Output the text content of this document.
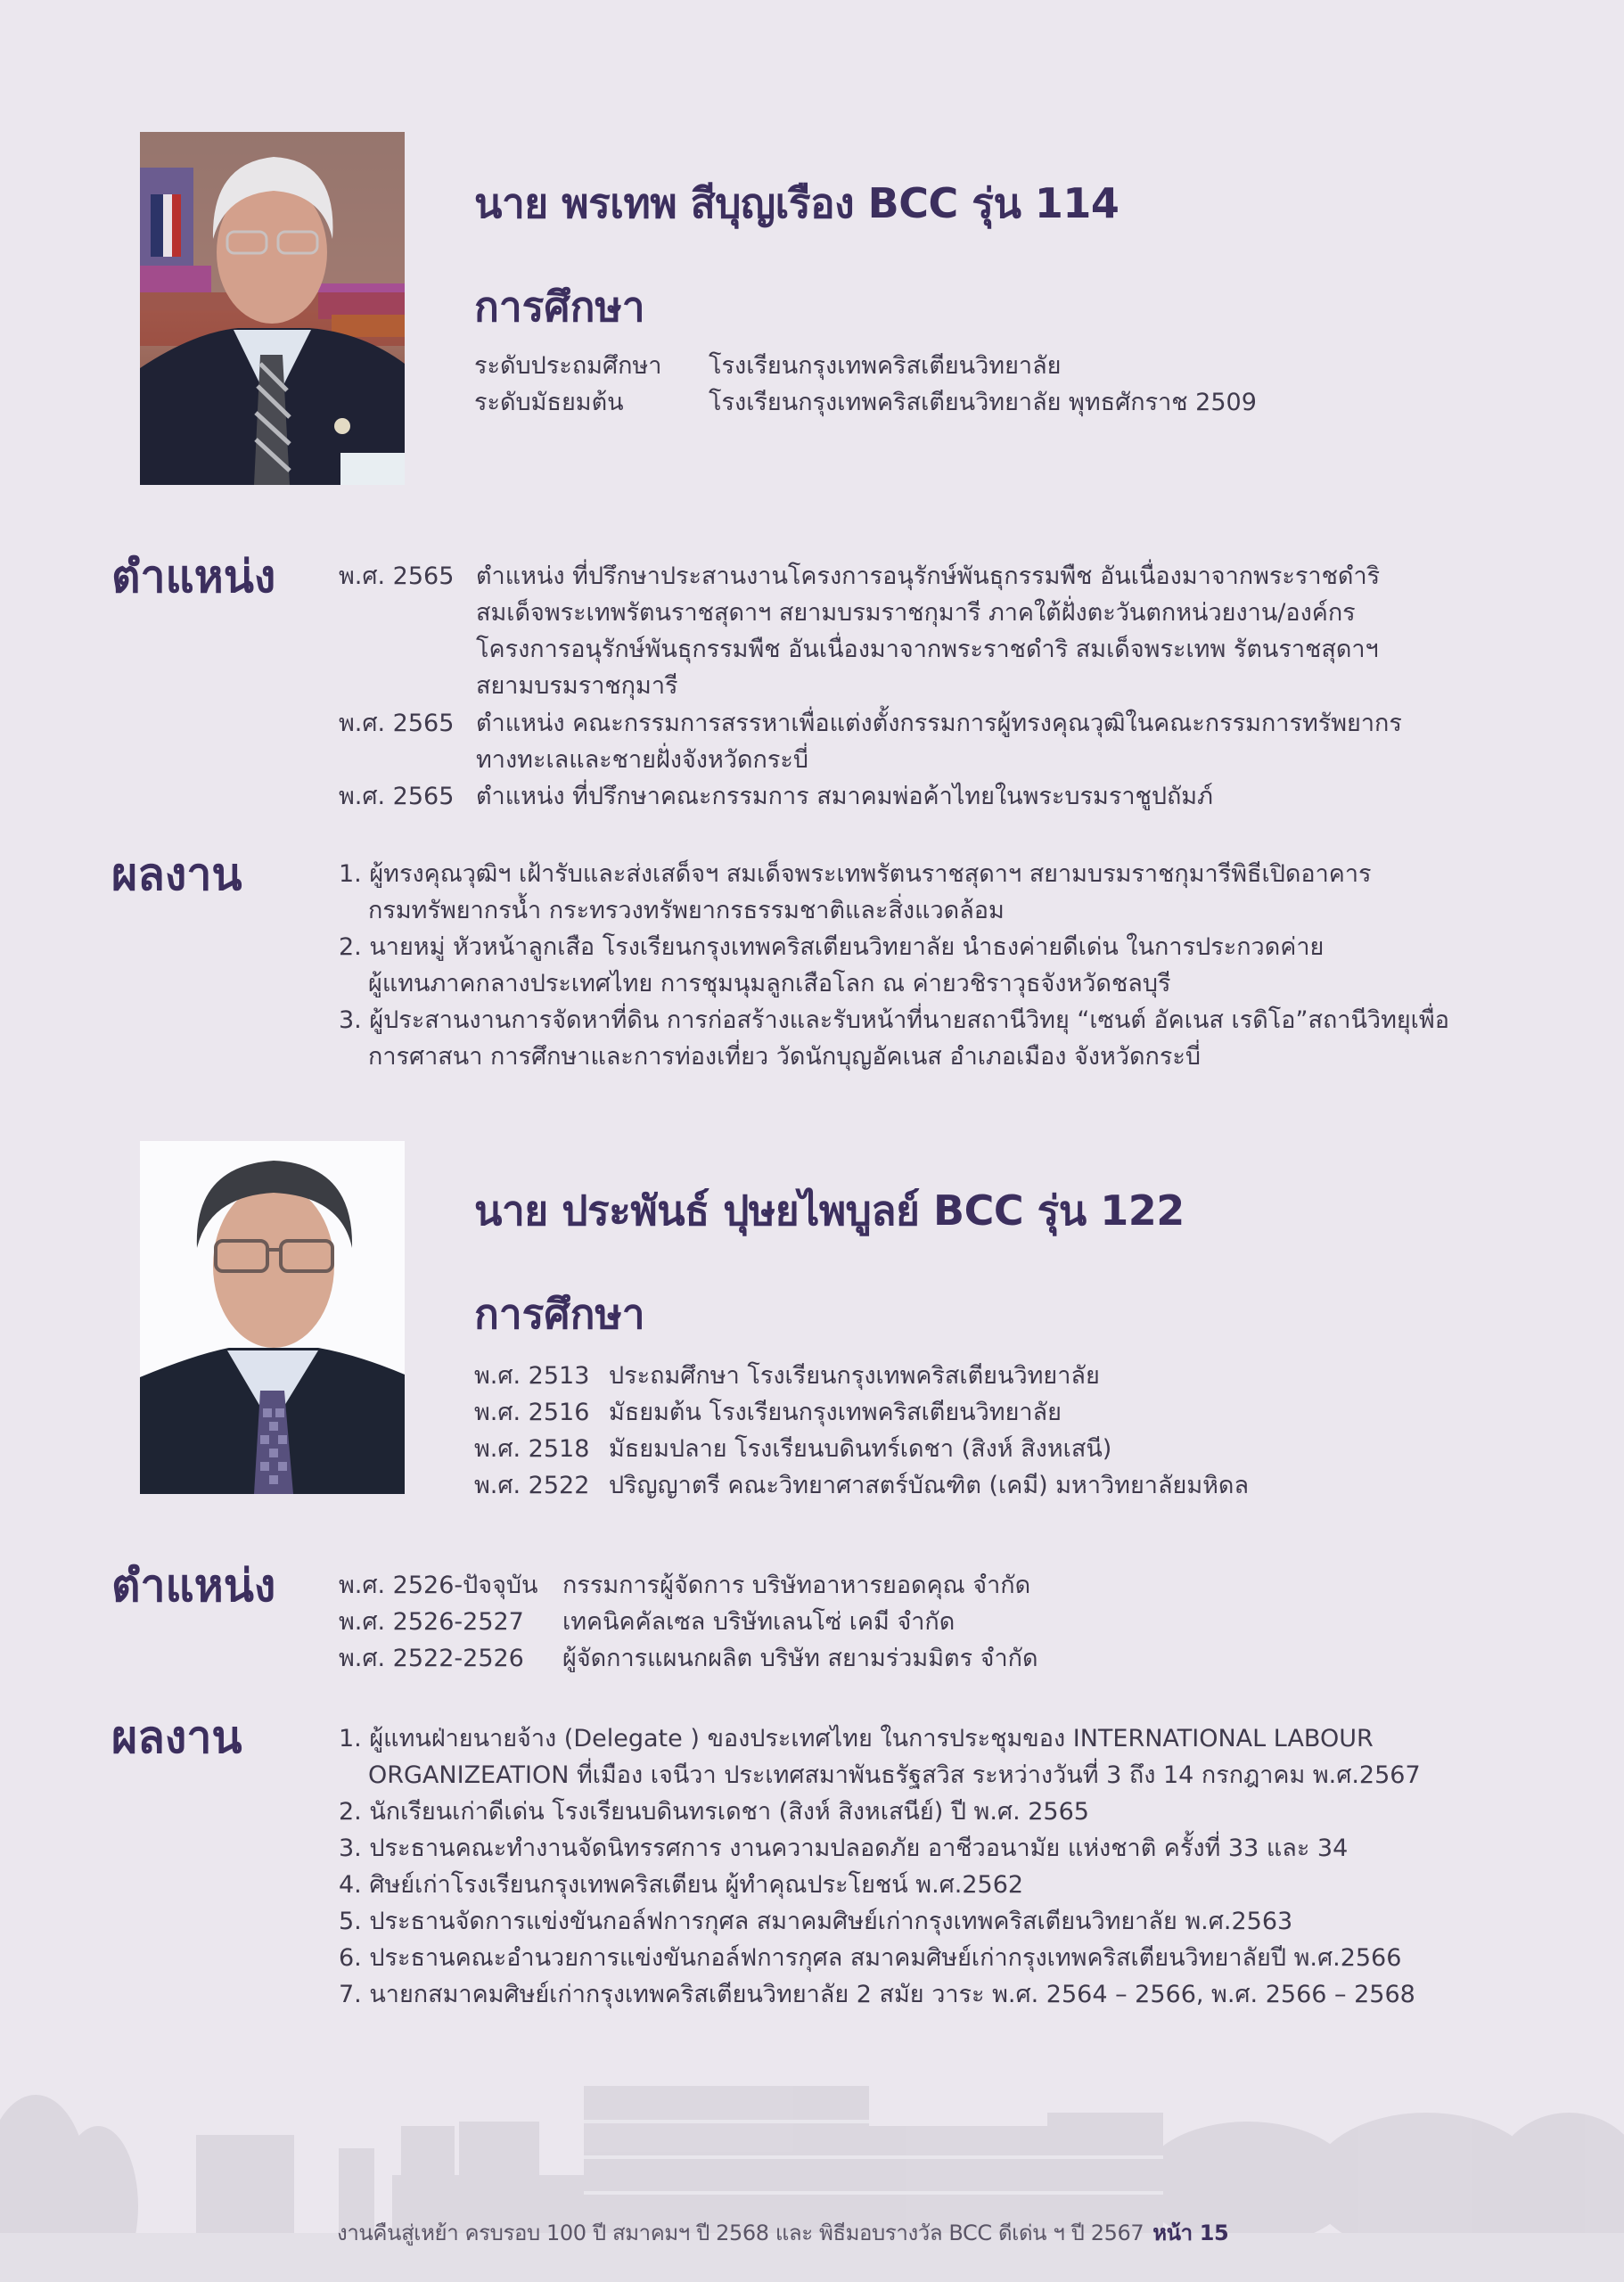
นาย พรเทพ สีบุญเรือง BCC รุ่น 114
การศึกษา
ระดับประถมศึกษา โรงเรียนกรุงเทพคริสเตียนวิทยาลัย
ระดับมัธยมต้น	โรงเรียนกรุงเทพคริสเตียนวิทยาลัย พุทธศักราช 2509
ตำแหน่ง	พ.ศ. 2565 ตำแหน่ง ที่ปรึกษาประสานงานโครงการอนุรักษ์พันธุกรรมพืช อันเนื่องมาจากพระราชดำริ
สมเด็จพระเทพรัตนราชสุดาฯ สยามบรมราชกุมารี ภาคใต้ฝั่งตะวันตกหน่วยงาน/องค์กร
โครงการอนุรักษ์พันธุกรรมพืช อันเนื่องมาจากพระราชดำริ สมเด็จพระเทพ รัตนราชสุดาฯ
สยามบรมราชกุมารี
พ.ศ. 2565 ตำแหน่ง คณะกรรมการสรรหาเพื่อแต่งตั้งกรรมการผู้ทรงคุณวุฒิในคณะกรรมการทรัพยากร
ทางทะเลและชายฝั่งจังหวัดกระบี่
พ.ศ. 2565 ตำแหน่ง ที่ปรึกษาคณะกรรมการ สมาคมพ่อค้าไทยในพระบรมราชูปถัมภ์
ผลงาน	1. ผู้ทรงคุณวุฒิฯ เฝ้ารับและส่งเสด็จฯ สมเด็จพระเทพรัตนราชสุดาฯ สยามบรมราชกุมารีพิธีเปิดอาคาร
กรมทรัพยากรน้ำ กระทรวงทรัพยากรธรรมชาติและสิ่งแวดล้อม
2. นายหมู่ หัวหน้าลูกเสือ โรงเรียนกรุงเทพคริสเตียนวิทยาลัย นำธงค่ายดีเด่น ในการประกวดค่าย
ผู้แทนภาคกลางประเทศไทย การชุมนุมลูกเสือโลก ณ ค่ายวชิราวุธจังหวัดชลบุรี
3. ผู้ประสานงานการจัดหาที่ดิน การก่อสร้างและรับหน้าที่นายสถานีวิทยุ “เซนต์ อัคเนส เรดิโอ”สถานีวิทยุเพื่อ
การศาสนา การศึกษาและการท่องเที่ยว วัดนักบุญอัคเนส อำเภอเมือง จังหวัดกระบี่
นาย ประพันธ์ ปุษยไพบูลย์ BCC รุ่น 122
การศึกษา
พ.ศ. 2513 ประถมศึกษา โรงเรียนกรุงเทพคริสเตียนวิทยาลัย
พ.ศ. 2516 มัธยมต้น โรงเรียนกรุงเทพคริสเตียนวิทยาลัย
พ.ศ. 2518 มัธยมปลาย โรงเรียนบดินทร์เดชา (สิงห์ สิงหเสนี)
พ.ศ. 2522 ปริญญาตรี คณะวิทยาศาสตร์บัณฑิต (เคมี) มหาวิทยาลัยมหิดล
ตำแหน่ง	พ.ศ. 2526-ปัจจุบัน กรรมการผู้จัดการ บริษัทอาหารยอดคุณ จำกัด
พ.ศ. 2526-2527 เทคนิคคัลเซล บริษัทเลนโซ่ เคมี จำกัด
พ.ศ. 2522-2526 ผู้จัดการแผนกผลิต บริษัท สยามร่วมมิตร จำกัด
ผลงาน	1. ผู้แทนฝ่ายนายจ้าง (Delegate ) ของประเทศไทย ในการประชุมของ INTERNATIONAL LABOUR
ORGANIZEATION ที่เมือง เจนีวา ประเทศสมาพันธรัฐสวิส ระหว่างวันที่ 3 ถึง 14 กรกฎาคม พ.ศ.2567
2. นักเรียนเก่าดีเด่น โรงเรียนบดินทรเดชา (สิงห์ สิงหเสนีย์) ปี พ.ศ. 2565
3. ประธานคณะทำงานจัดนิทรรศการ งานความปลอดภัย อาชีวอนามัย แห่งชาติ ครั้งที่ 33 และ 34
4. ศิษย์เก่าโรงเรียนกรุงเทพคริสเตียน ผู้ทำคุณประโยชน์ พ.ศ.2562
5. ประธานจัดการแข่งขันกอล์ฟการกุศล สมาคมศิษย์เก่ากรุงเทพคริสเตียนวิทยาลัย พ.ศ.2563
6. ประธานคณะอำนวยการแข่งขันกอล์ฟการกุศล สมาคมศิษย์เก่ากรุงเทพคริสเตียนวิทยาลัยปี พ.ศ.2566
7. นายกสมาคมศิษย์เก่ากรุงเทพคริสเตียนวิทยาลัย 2 สมัย วาระ พ.ศ. 2564 – 2566, พ.ศ. 2566 – 2568
งานคืนสู่เหย้า ครบรอบ 100 ปี สมาคมฯ ปี 2568 และ พิธีมอบรางวัล BCC ดีเด่น ฯ ปี 2567 หน้า 15
